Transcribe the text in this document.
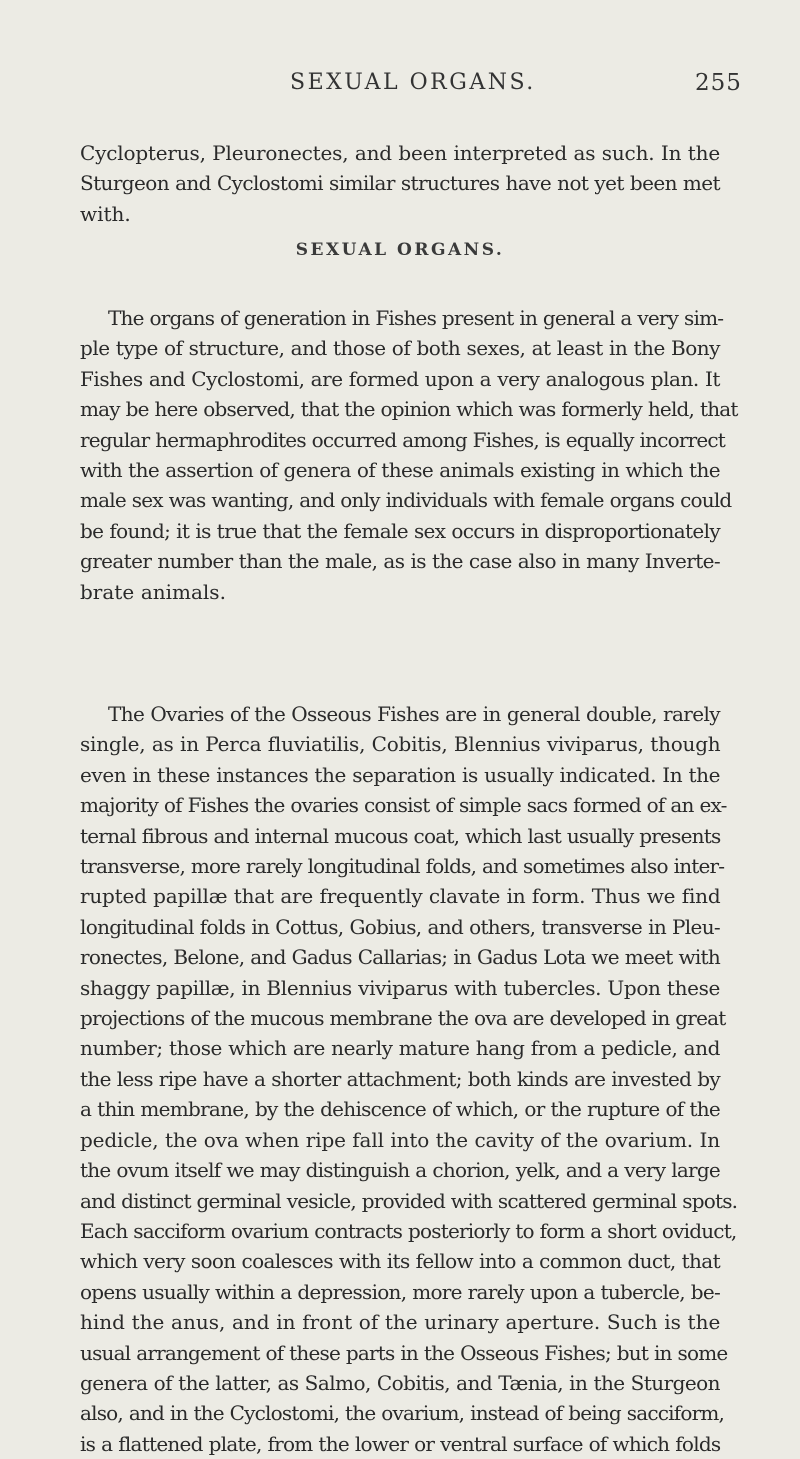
SEXUAL ORGANS.	255
Cyclopterus, Pleuronectes, and been interpreted as such. In the
Sturgeon and Cyclostomi similar structures have not yet been met
with.
SEXUAL ORGANS.
The organs of generation in Fishes present in general a very sim-
ple type of structure, and those of both sexes, at least in the Bony
Fishes and Cyclostomi, are formed upon a very analogous plan. It
may be here observed, that the opinion which was formerly held, that
regular hermaphrodites occurred among Fishes, is equally incorrect
with the assertion of genera of these animals existing in which the
male sex was wanting, and only individuals with female organs could
be found; it is true that the female sex occurs in disproportionately
greater number than the male, as is the case also in many Inverte-
brate animals.
The Ovaries of the Osseous Fishes are in general double, rarely
single, as in Perca fluviatilis, Cobitis, Blennius viviparus, though
even in these instances the separation is usually indicated. In the
majority of Fishes the ovaries consist of simple sacs formed of an ex-
ternal fibrous and internal mucous coat, which last usually presents
transverse, more rarely longitudinal folds, and sometimes also inter-
rupted papillæ that are frequently clavate in form. Thus we find
longitudinal folds in Cottus, Gobius, and others, transverse in Pleu-
ronectes, Belone, and Gadus Callarias; in Gadus Lota we meet with
shaggy papillæ, in Blennius viviparus with tubercles. Upon these
projections of the mucous membrane the ova are developed in great
number; those which are nearly mature hang from a pedicle, and
the less ripe have a shorter attachment; both kinds are invested by
a thin membrane, by the dehiscence of which, or the rupture of the
pedicle, the ova when ripe fall into the cavity of the ovarium. In
the ovum itself we may distinguish a chorion, yelk, and a very large
and distinct germinal vesicle, provided with scattered germinal spots.
Each sacciform ovarium contracts posteriorly to form a short oviduct,
which very soon coalesces with its fellow into a common duct, that
opens usually within a depression, more rarely upon a tubercle, be-
hind the anus, and in front of the urinary aperture. Such is the
usual arrangement of these parts in the Osseous Fishes; but in some
genera of the latter, as Salmo, Cobitis, and Tænia, in the Sturgeon
also, and in the Cyclostomi, the ovarium, instead of being sacciform,
is a flattened plate, from the lower or ventral surface of which folds
